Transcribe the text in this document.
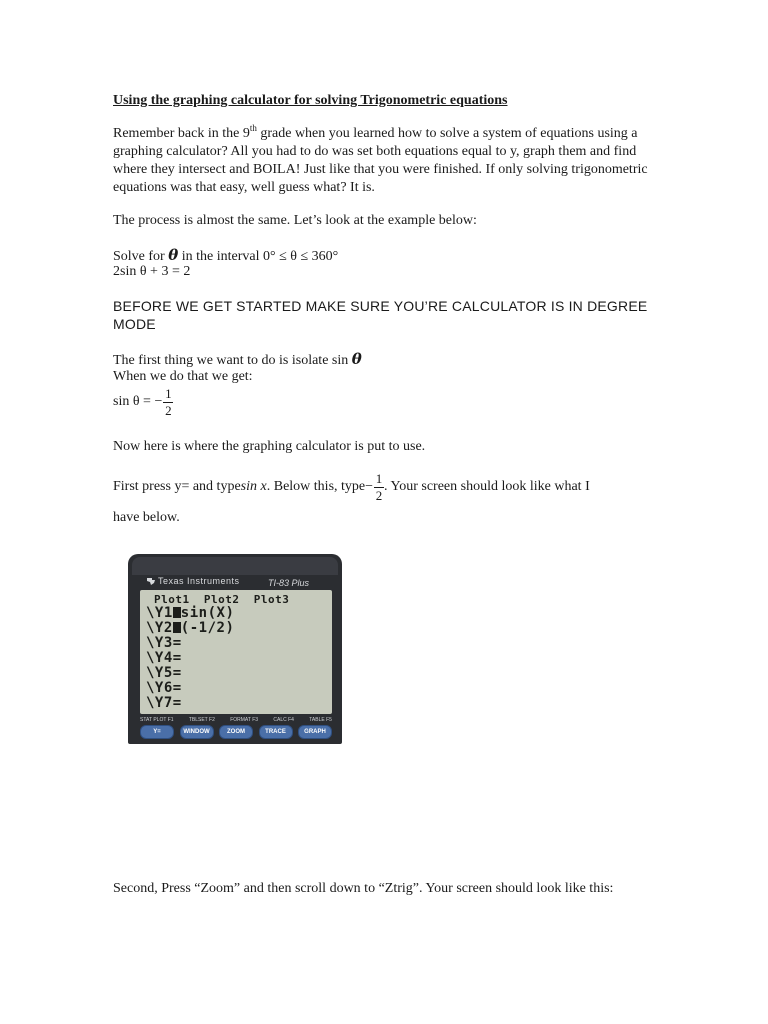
Using the graphing calculator for solving Trigonometric equations

Remember back in the 9th grade when you learned how to solve a system of equations using a graphing calculator? All you had to do was set both equations equal to y, graph them and find where they intersect and BOILA! Just like that you were finished. If only solving trigonometric equations was that easy, well guess what? It is.

The process is almost the same. Let’s look at the example below:

Solve for θ in the interval 0° ≤ θ ≤ 360°

2sin θ + 3 = 2

BEFORE WE GET STARTED MAKE SURE YOU’RE CALCULATOR IS IN DEGREE MODE

The first thing we want to do is isolate sin θ

When we do that we get:

sin θ = − $\frac{1}{2}$

Now here is where the graphing calculator is put to use.

First press y= and type sin x . Below this, type − $\frac{1}{2}$ . Your screen should look like what I

have below.

Texas Instruments	TI-83 Plus
Plot1  Plot2  Plot3
\Y1 sin(X)
\Y2 (-1/2)
\Y3=
\Y4=
\Y5=
\Y6=
\Y7=
STAT PLOT F1	TBLSET F2	FORMAT F3	CALC F4	TABLE F5
Y=	WINDOW	ZOOM	TRACE	GRAPH

Second, Press “Zoom” and then scroll down to “Ztrig”. Your screen should look like this:
